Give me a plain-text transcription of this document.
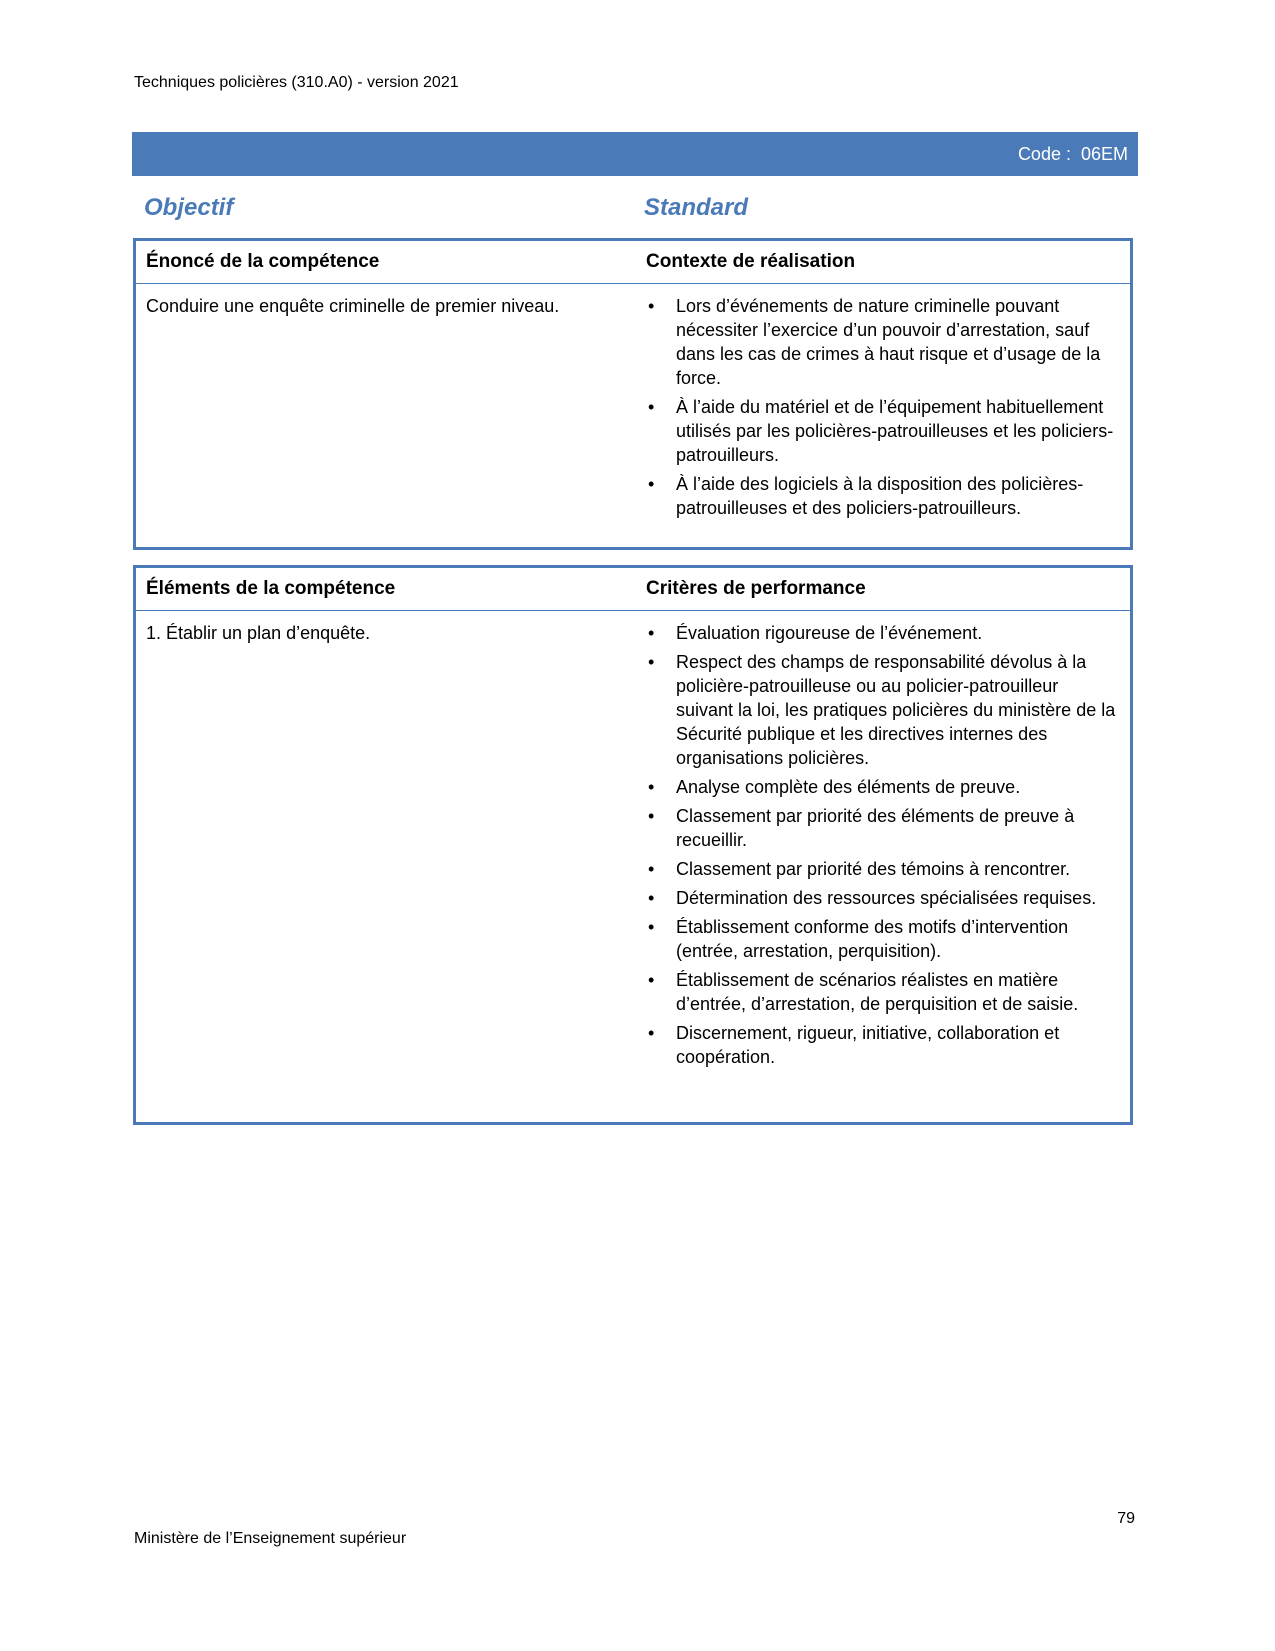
Techniques policières (310.A0) - version 2021
Code :  06EM
Objectif	Standard
Énoncé de la compétence	Contexte de réalisation
Conduire une enquête criminelle de premier niveau.	• Lors d’événements de nature criminelle pouvant nécessiter l’exercice d’un pouvoir d’arrestation, sauf dans les cas de crimes à haut risque et d’usage de la force.
• À l’aide du matériel et de l’équipement habituellement utilisés par les policières-patrouilleuses et les policiers-patrouilleurs.
• À l’aide des logiciels à la disposition des policières-patrouilleuses et des policiers-patrouilleurs.
Éléments de la compétence	Critères de performance
1. Établir un plan d’enquête.	• Évaluation rigoureuse de l’événement.
• Respect des champs de responsabilité dévolus à la policière-patrouilleuse ou au policier-patrouilleur suivant la loi, les pratiques policières du ministère de la Sécurité publique et les directives internes des organisations policières.
• Analyse complète des éléments de preuve.
• Classement par priorité des éléments de preuve à recueillir.
• Classement par priorité des témoins à rencontrer.
• Détermination des ressources spécialisées requises.
• Établissement conforme des motifs d’intervention (entrée, arrestation, perquisition).
• Établissement de scénarios réalistes en matière d’entrée, d’arrestation, de perquisition et de saisie.
• Discernement, rigueur, initiative, collaboration et coopération.
79
Ministère de l’Enseignement supérieur
